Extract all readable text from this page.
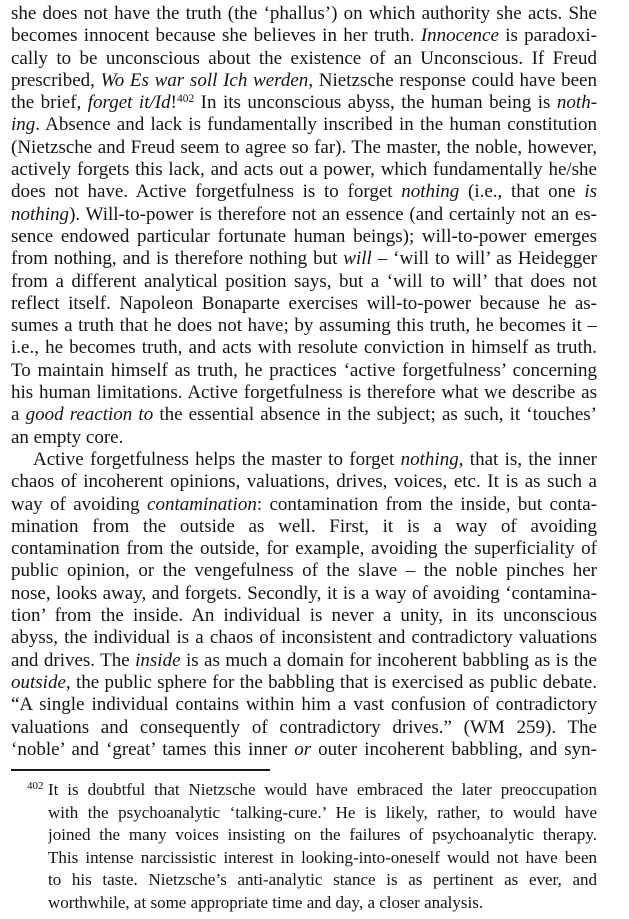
she does not have the truth (the ‘phallus’) on which authority she acts. She
becomes innocent because she believes in her truth. Innocence is paradoxi-
cally to be unconscious about the existence of an Unconscious. If Freud
prescribed, Wo Es war soll Ich werden, Nietzsche response could have been
the brief, forget it/Id!$^{402}$ In its unconscious abyss, the human being is noth-
ing. Absence and lack is fundamentally inscribed in the human constitution
(Nietzsche and Freud seem to agree so far). The master, the noble, however,
actively forgets this lack, and acts out a power, which fundamentally he/she
does not have. Active forgetfulness is to forget nothing (i.e., that one is
nothing). Will-to-power is therefore not an essence (and certainly not an es-
sence endowed particular fortunate human beings); will-to-power emerges
from nothing, and is therefore nothing but will – ‘will to will’ as Heidegger
from a different analytical position says, but a ‘will to will’ that does not
reflect itself. Napoleon Bonaparte exercises will-to-power because he as-
sumes a truth that he does not have; by assuming this truth, he becomes it –
i.e., he becomes truth, and acts with resolute conviction in himself as truth.
To maintain himself as truth, he practices ‘active forgetfulness’ concerning
his human limitations. Active forgetfulness is therefore what we describe as
a good reaction to the essential absence in the subject; as such, it ‘touches’
an empty core.
Active forgetfulness helps the master to forget nothing, that is, the inner
chaos of incoherent opinions, valuations, drives, voices, etc. It is as such a
way of avoiding contamination: contamination from the inside, but conta-
mination from the outside as well. First, it is a way of avoiding
contamination from the outside, for example, avoiding the superficiality of
public opinion, or the vengefulness of the slave – the noble pinches her
nose, looks away, and forgets. Secondly, it is a way of avoiding ‘contamina-
tion’ from the inside. An individual is never a unity, in its unconscious
abyss, the individual is a chaos of inconsistent and contradictory valuations
and drives. The inside is as much a domain for incoherent babbling as is the
outside, the public sphere for the babbling that is exercised as public debate.
“A single individual contains within him a vast confusion of contradictory
valuations and consequently of contradictory drives.” (WM 259). The
‘noble’ and ‘great’ tames this inner or outer incoherent babbling, and syn-
402 It is doubtful that Nietzsche would have embraced the later preoccupation
with the psychoanalytic ‘talking-cure.’ He is likely, rather, to would have
joined the many voices insisting on the failures of psychoanalytic therapy.
This intense narcissistic interest in looking-into-oneself would not have been
to his taste. Nietzsche’s anti-analytic stance is as pertinent as ever, and
worthwhile, at some appropriate time and day, a closer analysis.
